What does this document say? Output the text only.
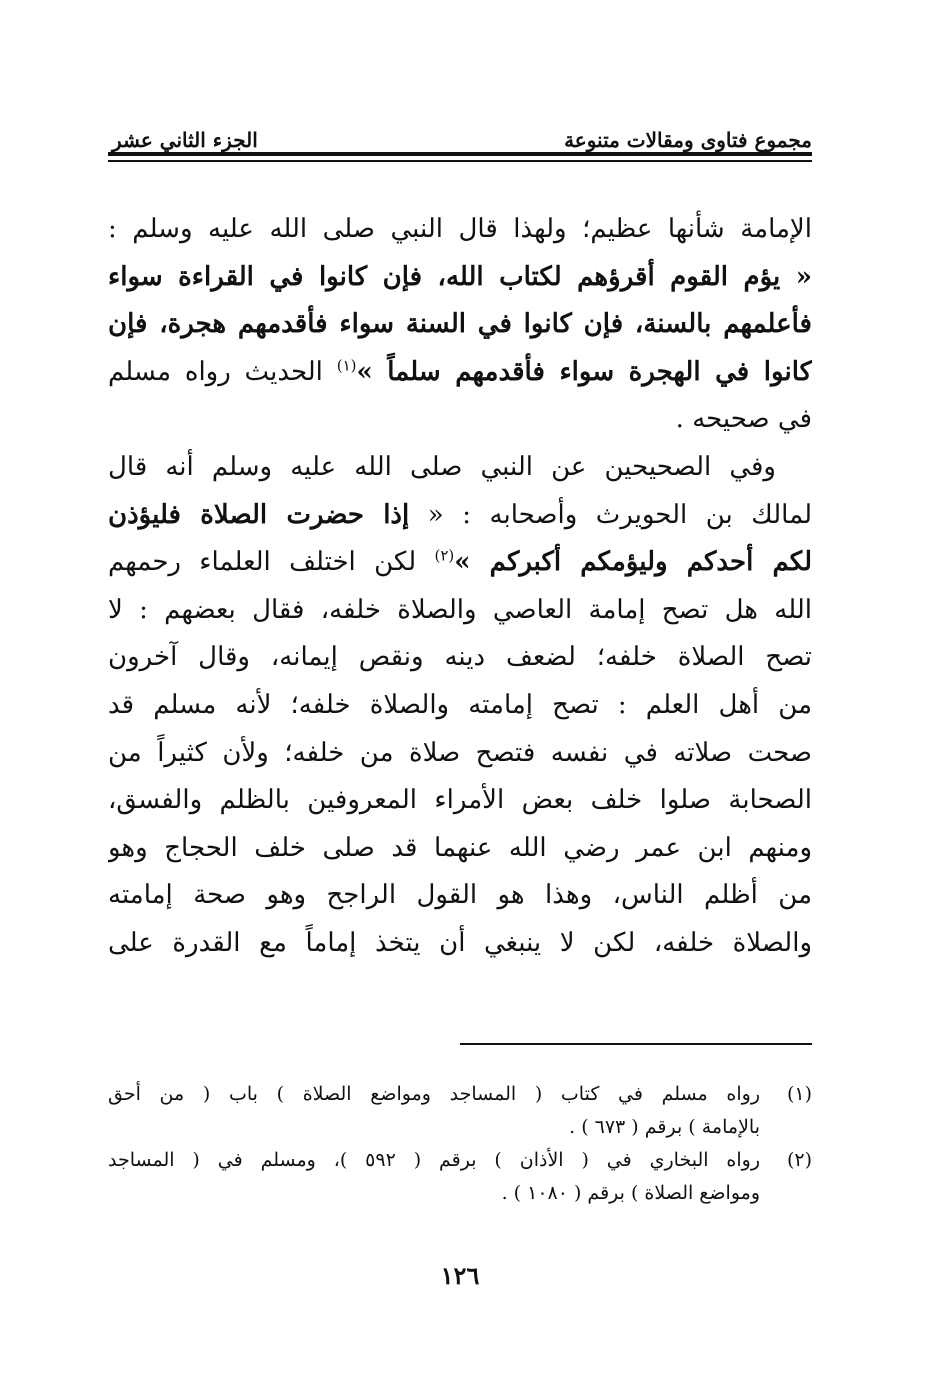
مجموع فتاوى ومقالات متنوعة
الجزء الثاني عشر
الإمامة شأنها عظيم؛ ولهذا قال النبي صلى الله عليه وسلم :
« يؤم القوم أقرؤهم لكتاب الله، فإن كانوا في القراءة سواء
فأعلمهم بالسنة، فإن كانوا في السنة سواء فأقدمهم هجرة، فإن
كانوا في الهجرة سواء فأقدمهم سلماً »$^{(١)}$ الحديث رواه مسلم
في صحيحه .
وفي الصحيحين عن النبي صلى الله عليه وسلم أنه قال
لمالك بن الحويرث وأصحابه : « إذا حضرت الصلاة فليؤذن
لكم أحدكم وليؤمكم أكبركم »$^{(٢)}$ لكن اختلف العلماء رحمهم
الله هل تصح إمامة العاصي والصلاة خلفه، فقال بعضهم : لا
تصح الصلاة خلفه؛ لضعف دينه ونقص إيمانه، وقال آخرون
من أهل العلم : تصح إمامته والصلاة خلفه؛ لأنه مسلم قد
صحت صلاته في نفسه فتصح صلاة من خلفه؛ ولأن كثيراً من
الصحابة صلوا خلف بعض الأمراء المعروفين بالظلم والفسق،
ومنهم ابن عمر رضي الله عنهما قد صلى خلف الحجاج وهو
من أظلم الناس، وهذا هو القول الراجح وهو صحة إمامته
والصلاة خلفه، لكن لا ينبغي أن يتخذ إماماً مع القدرة على
(١)
رواه مسلم في كتاب ( المساجد ومواضع الصلاة ) باب ( من أحق
بالإمامة ) برقم ( ٦٧٣ ) .
(٢)
رواه البخاري في ( الأذان ) برقم ( ٥٩٢ )، ومسلم في ( المساجد
ومواضع الصلاة ) برقم ( ١٠٨٠ ) .
١٢٦
